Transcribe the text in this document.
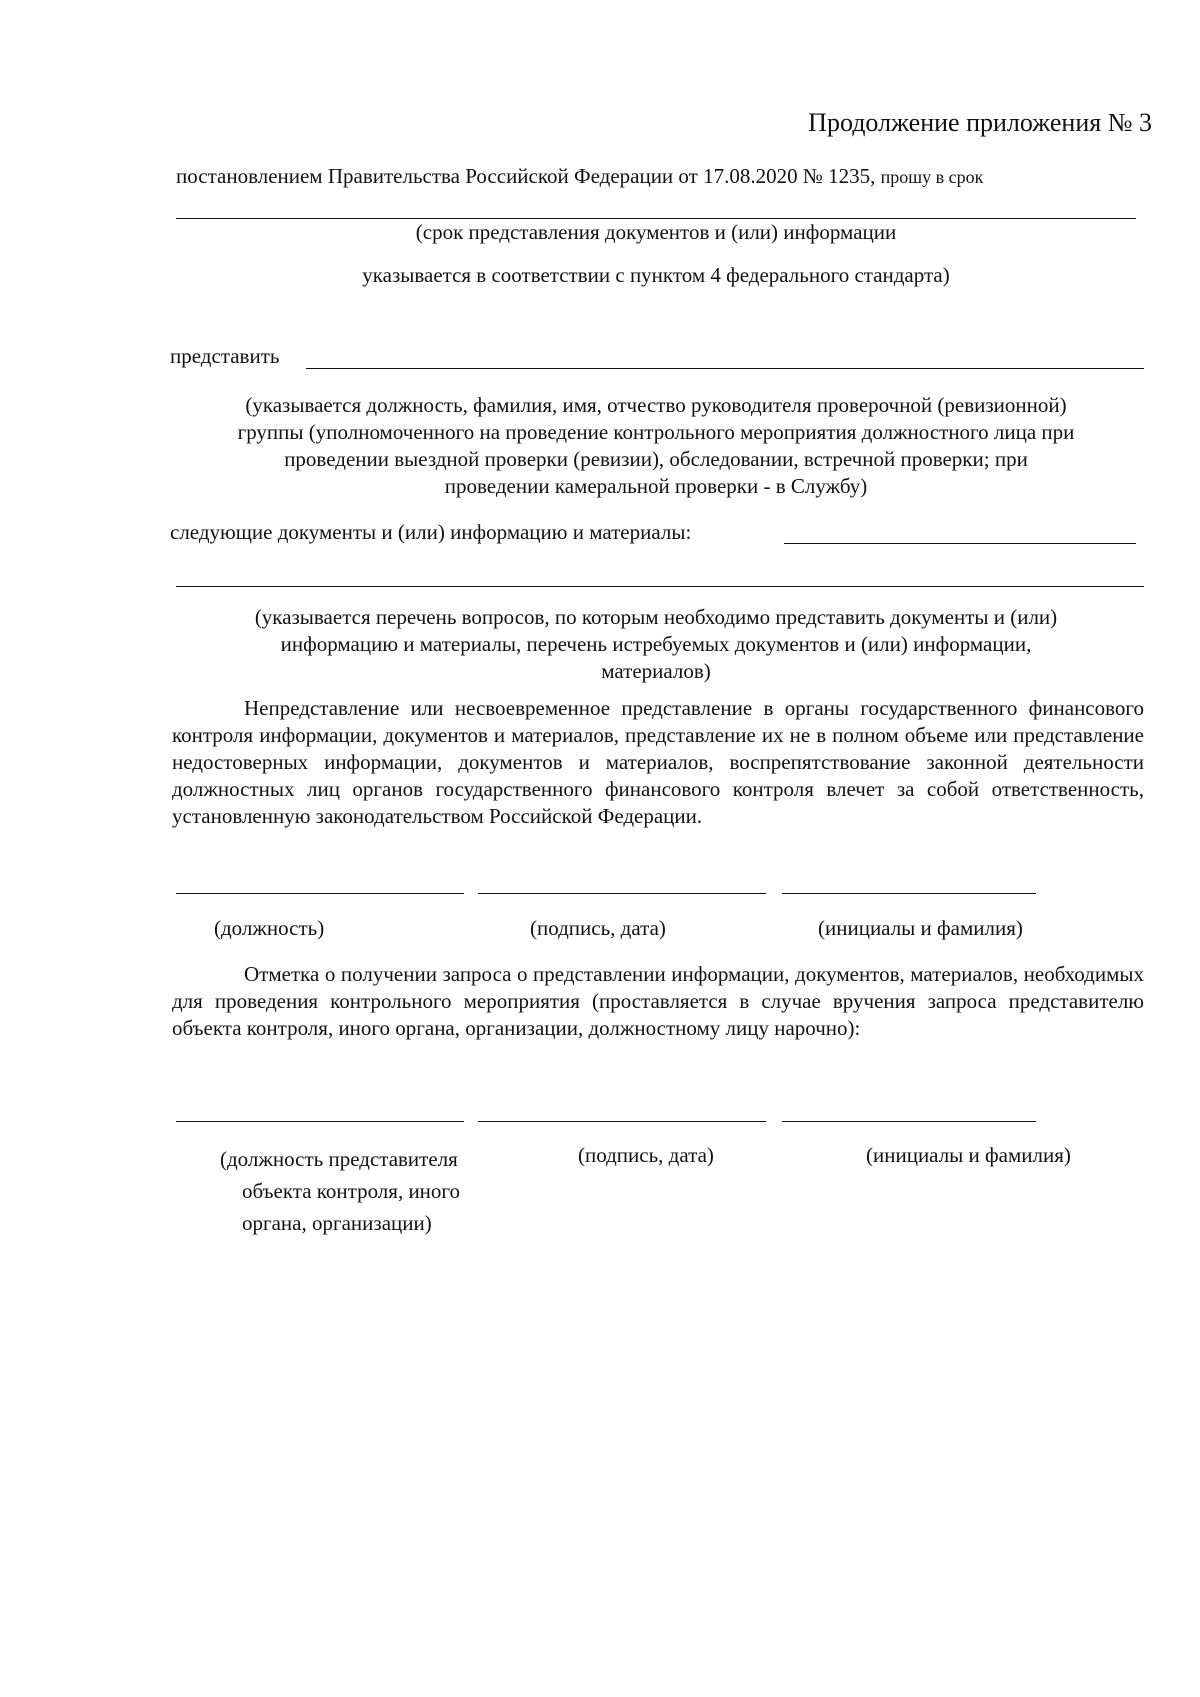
Продолжение приложения № 3
постановлением Правительства Российской Федерации от 17.08.2020 № 1235, прошу в срок
(срок представления документов и (или) информации
указывается в соответствии с пунктом 4 федерального стандарта)
представить
(указывается должность, фамилия, имя, отчество руководителя проверочной (ревизионной)
группы (уполномоченного на проведение контрольного мероприятия должностного лица при
проведении выездной проверки (ревизии), обследовании, встречной проверки; при
проведении камеральной проверки - в Службу)
следующие документы и (или) информацию и материалы:
(указывается перечень вопросов, по которым необходимо представить документы и (или)
информацию и материалы, перечень истребуемых документов и (или) информации,
материалов)
Непредставление или несвоевременное представление в органы государственного финансового контроля информации, документов и материалов, представление их не в полном объеме или представление недостоверных информации, документов и материалов, воспрепятствование законной деятельности должностных лиц органов государственного финансового контроля влечет за собой ответственность, установленную законодательством Российской Федерации.
(должность)	(подпись, дата)	(инициалы и фамилия)
Отметка о получении запроса о представлении информации, документов, материалов, необходимых для проведения контрольного мероприятия (проставляется в случае вручения запроса представителю объекта контроля, иного органа, организации, должностному лицу нарочно):
(должность представителя
объекта контроля, иного
органа, организации)
(подпись, дата)	(инициалы и фамилия)
